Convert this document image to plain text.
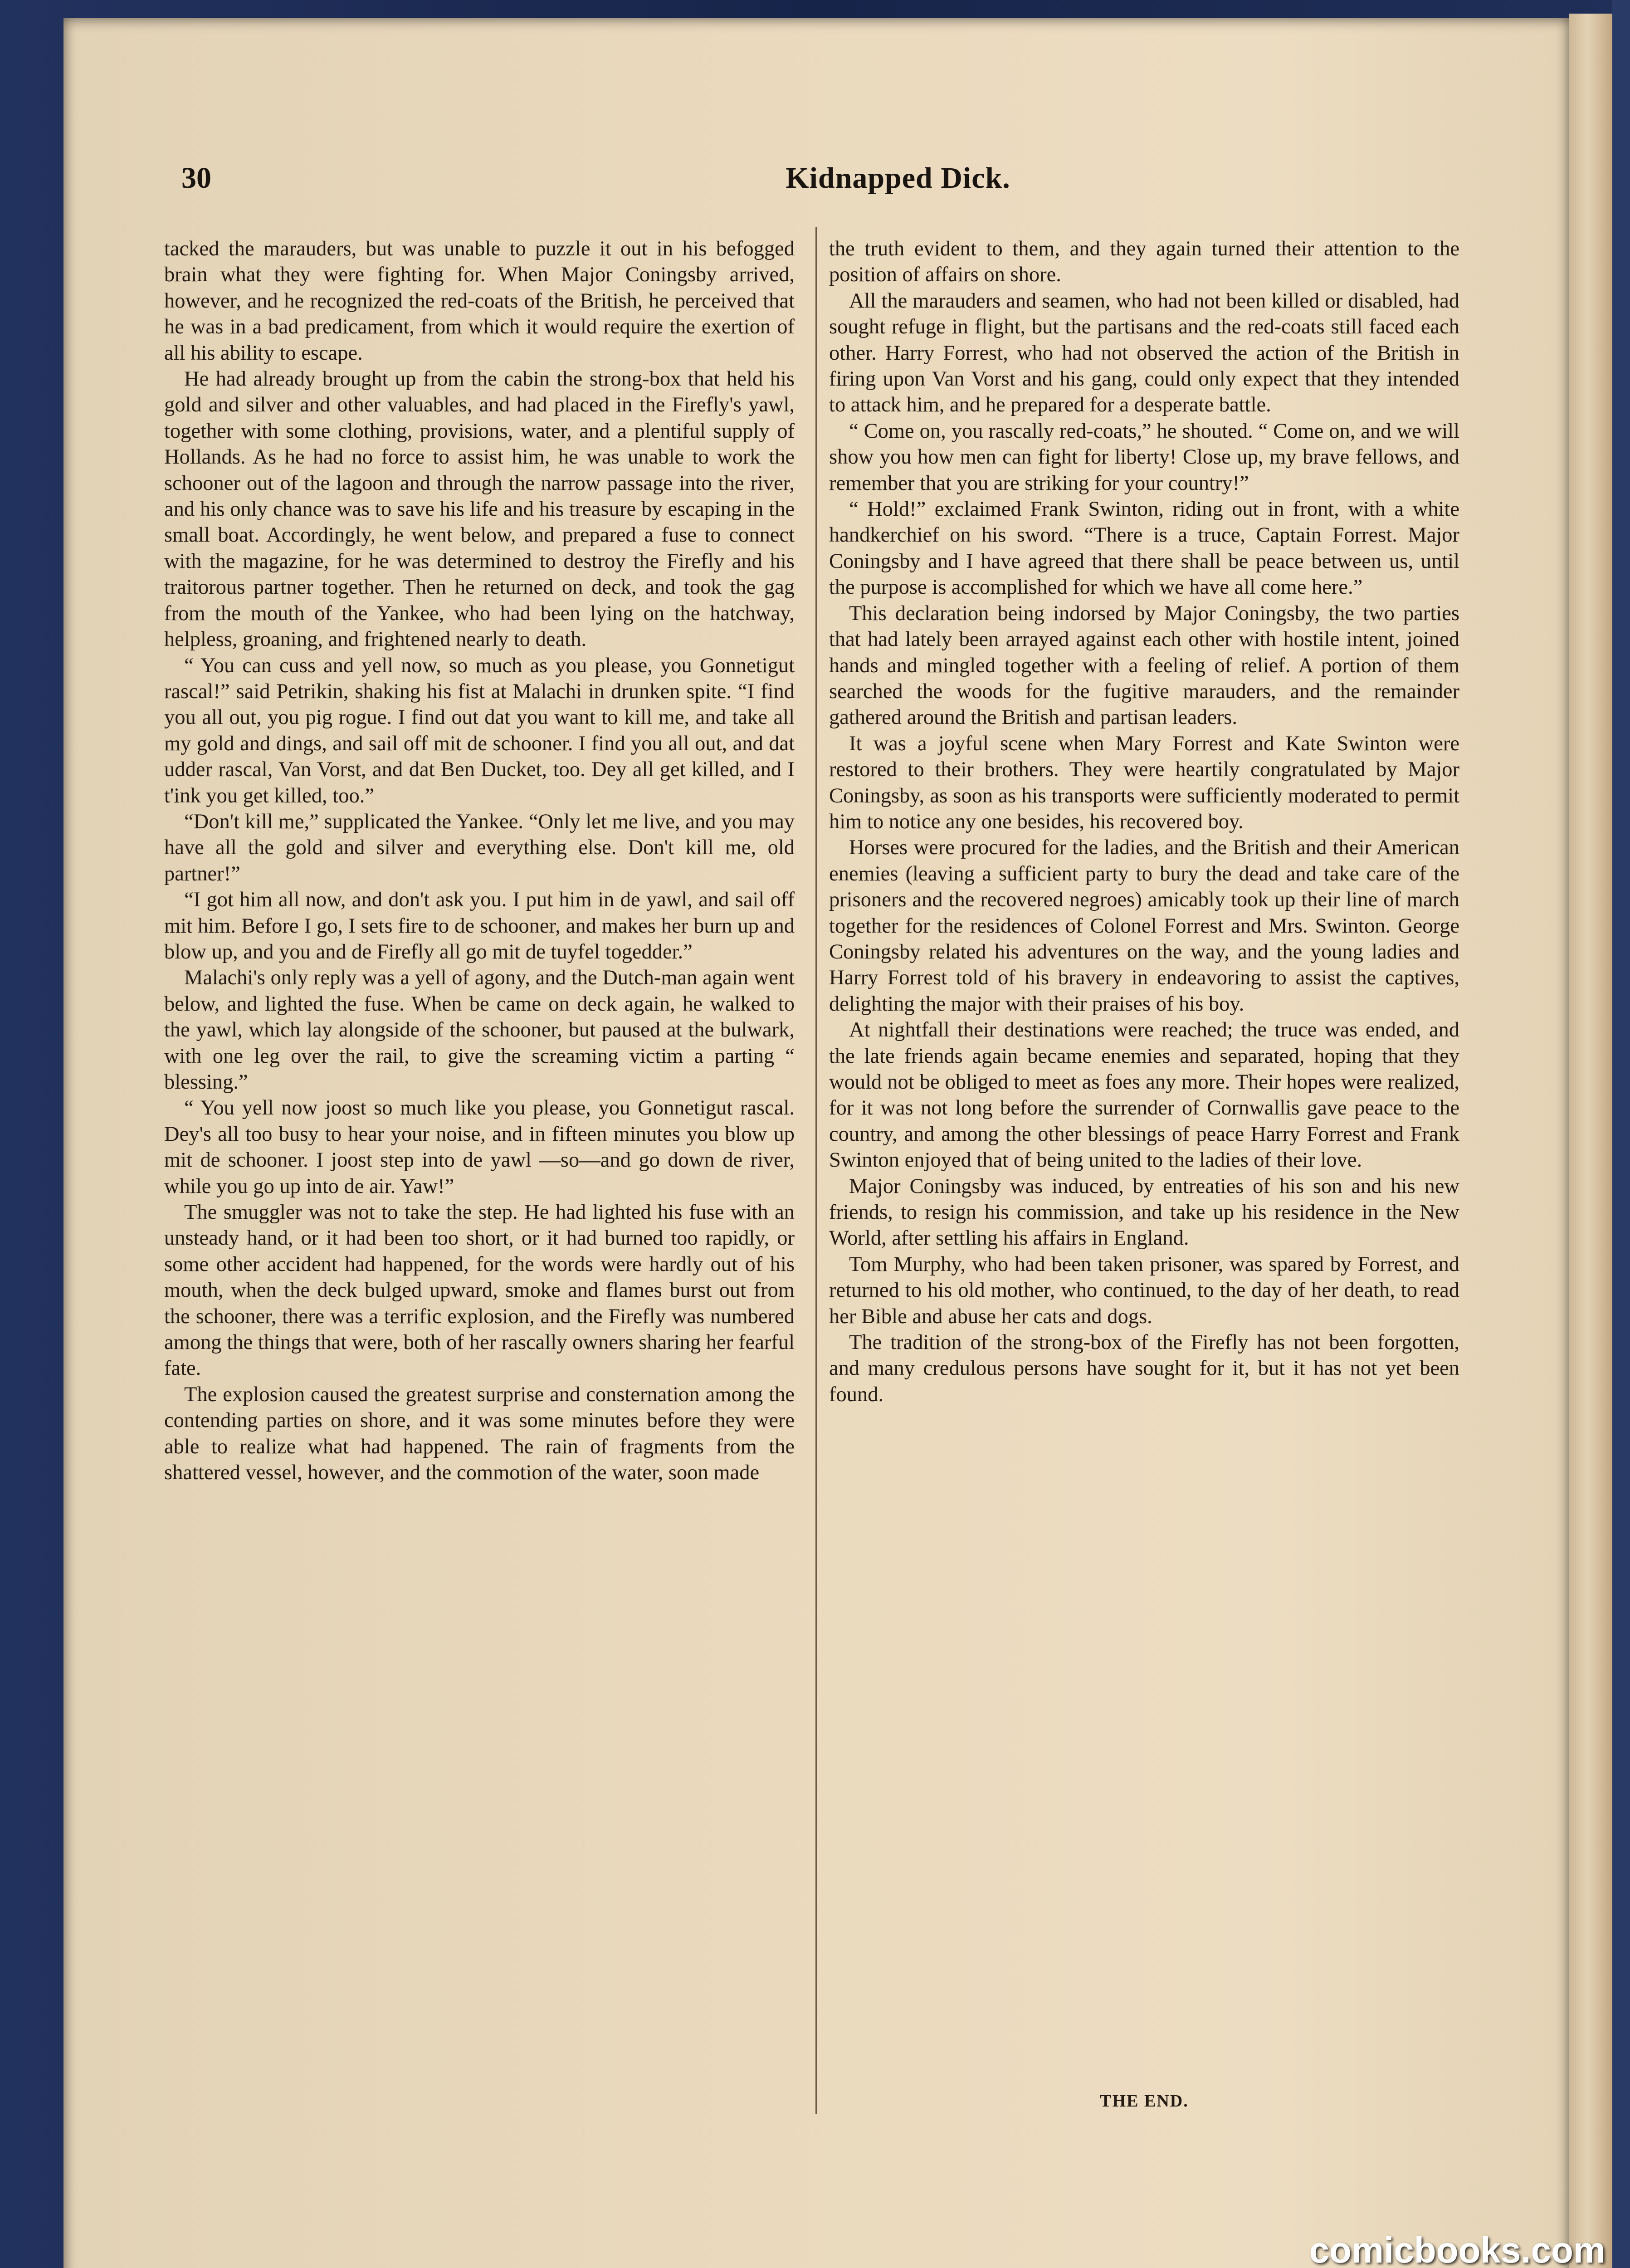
30	Kidnapped Dick.

tacked the marauders, but was unable to puzzle it out in his befogged brain what they were fighting for. When Major Coningsby arrived, however, and he recognized the red-coats of the British, he perceived that he was in a bad predicament, from which it would require the exertion of all his ability to escape.

He had already brought up from the cabin the strong-box that held his gold and silver and other valuables, and had placed in the Firefly's yawl, together with some clothing, provisions, water, and a plentiful supply of Hollands. As he had no force to assist him, he was unable to work the schooner out of the lagoon and through the narrow passage into the river, and his only chance was to save his life and his treasure by escaping in the small boat. Accordingly, he went below, and prepared a fuse to connect with the magazine, for he was determined to destroy the Firefly and his traitorous partner together. Then he returned on deck, and took the gag from the mouth of the Yankee, who had been lying on the hatchway, helpless, groaning, and frightened nearly to death.

“ You can cuss and yell now, so much as you please, you Gonnetigut rascal!” said Petrikin, shaking his fist at Malachi in drunken spite. “I find you all out, you pig rogue. I find out dat you want to kill me, and take all my gold and dings, and sail off mit de schooner. I find you all out, and dat udder rascal, Van Vorst, and dat Ben Ducket, too. Dey all get killed, and I t'ink you get killed, too.”

“Don't kill me,” supplicated the Yankee. “Only let me live, and you may have all the gold and silver and everything else. Don't kill me, old partner!”

“I got him all now, and don't ask you. I put him in de yawl, and sail off mit him. Before I go, I sets fire to de schooner, and makes her burn up and blow up, and you and de Firefly all go mit de tuyfel togedder.”

Malachi's only reply was a yell of agony, and the Dutch-man again went below, and lighted the fuse. When be came on deck again, he walked to the yawl, which lay alongside of the schooner, but paused at the bulwark, with one leg over the rail, to give the screaming victim a parting “ blessing.”

“ You yell now joost so much like you please, you Gonnetigut rascal. Dey's all too busy to hear your noise, and in fifteen minutes you blow up mit de schooner. I joost step into de yawl —so—and go down de river, while you go up into de air. Yaw!”

The smuggler was not to take the step. He had lighted his fuse with an unsteady hand, or it had been too short, or it had burned too rapidly, or some other accident had happened, for the words were hardly out of his mouth, when the deck bulged upward, smoke and flames burst out from the schooner, there was a terrific explosion, and the Firefly was numbered among the things that were, both of her rascally owners sharing her fearful fate.

The explosion caused the greatest surprise and consternation among the contending parties on shore, and it was some minutes before they were able to realize what had happened. The rain of fragments from the shattered vessel, however, and the commotion of the water, soon made

the truth evident to them, and they again turned their attention to the position of affairs on shore.

All the marauders and seamen, who had not been killed or disabled, had sought refuge in flight, but the partisans and the red-coats still faced each other. Harry Forrest, who had not observed the action of the British in firing upon Van Vorst and his gang, could only expect that they intended to attack him, and he prepared for a desperate battle.

“ Come on, you rascally red-coats,” he shouted. “ Come on, and we will show you how men can fight for liberty! Close up, my brave fellows, and remember that you are striking for your country!”

“ Hold!” exclaimed Frank Swinton, riding out in front, with a white handkerchief on his sword. “There is a truce, Captain Forrest. Major Coningsby and I have agreed that there shall be peace between us, until the purpose is accomplished for which we have all come here.”

This declaration being indorsed by Major Coningsby, the two parties that had lately been arrayed against each other with hostile intent, joined hands and mingled together with a feeling of relief. A portion of them searched the woods for the fugitive marauders, and the remainder gathered around the British and partisan leaders.

It was a joyful scene when Mary Forrest and Kate Swinton were restored to their brothers. They were heartily congratulated by Major Coningsby, as soon as his transports were sufficiently moderated to permit him to notice any one besides, his recovered boy.

Horses were procured for the ladies, and the British and their American enemies (leaving a sufficient party to bury the dead and take care of the prisoners and the recovered negroes) amicably took up their line of march together for the residences of Colonel Forrest and Mrs. Swinton. George Coningsby related his adventures on the way, and the young ladies and Harry Forrest told of his bravery in endeavoring to assist the captives, delighting the major with their praises of his boy.

At nightfall their destinations were reached; the truce was ended, and the late friends again became enemies and separated, hoping that they would not be obliged to meet as foes any more. Their hopes were realized, for it was not long before the surrender of Cornwallis gave peace to the country, and among the other blessings of peace Harry Forrest and Frank Swinton enjoyed that of being united to the ladies of their love.

Major Coningsby was induced, by entreaties of his son and his new friends, to resign his commission, and take up his residence in the New World, after settling his affairs in England.

Tom Murphy, who had been taken prisoner, was spared by Forrest, and returned to his old mother, who continued, to the day of her death, to read her Bible and abuse her cats and dogs.

The tradition of the strong-box of the Firefly has not been forgotten, and many credulous persons have sought for it, but it has not yet been found.

THE END.
comicbooks.com
